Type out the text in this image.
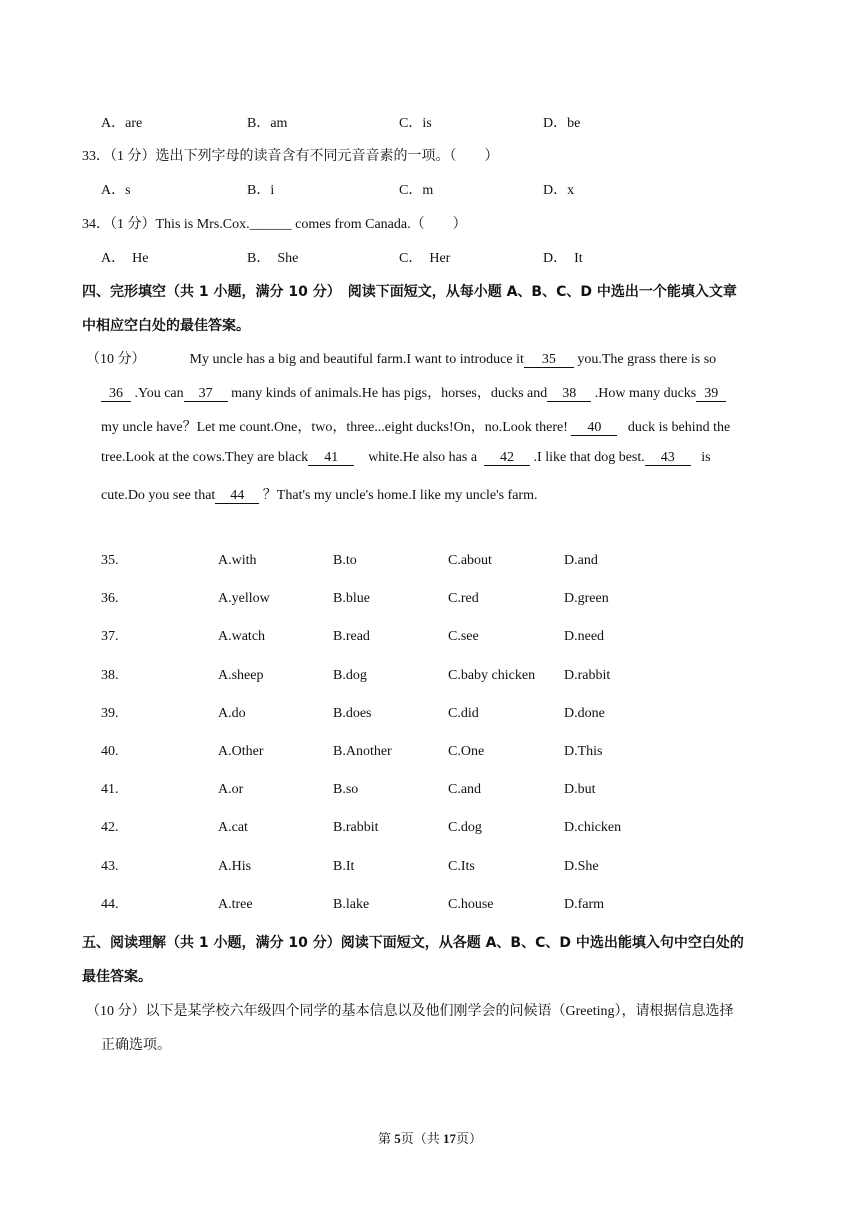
A．are	B．am	C．is	D．be
33．（1 分）选出下列字母的读音含有不同元音音素的一项。（　　）
A．s	B．i	C．m	D．x
34．（1 分）This is Mrs.Cox.______ comes from Canada.（　　）
A．　He	B．　She	C．　Her	D．　It
四、完形填空（共 1 小题，满分 10 分）　阅读下面短文，从每小题 A、B、C、D 中选出一个能填入文章
中相应空白处的最佳答案。
（10 分）	My uncle has a big and beautiful farm.I want to introduce it 35 you.The grass there is so
36 .You can 37 many kinds of animals.He has pigs，horses，ducks and 38 .How many ducks 39
my uncle have？Let me count.One，two，three...eight ducks!On，no.Look there! 40 duck is behind the
tree.Look at the cows.They are black 41 white.He also has a 42 .I like that dog best. 43 is
cute.Do you see that 44 ？That's my uncle's home.I like my uncle's farm.
35.	A.with	B.to	C.about	D.and
36.	A.yellow	B.blue	C.red	D.green
37.	A.watch	B.read	C.see	D.need
38.	A.sheep	B.dog	C.baby chicken D.rabbit
39.	A.do	B.does	C.did	D.done
40.	A.Other	B.Another	C.One	D.This
41.	A.or	B.so	C.and	D.but
42.	A.cat	B.rabbit	C.dog	D.chicken
43.	A.His	B.It	C.Its	D.She
44.	A.tree	B.lake	C.house	D.farm
五、阅读理解（共 1 小题，满分 10 分）阅读下面短文，从各题 A、B、C、D 中选出能填入句中空白处的
最佳答案。
（10 分）以下是某学校六年级四个同学的基本信息以及他们刚学会的问候语（Greeting），请根据信息选择
正确选项。
第 5页（共 17页）
